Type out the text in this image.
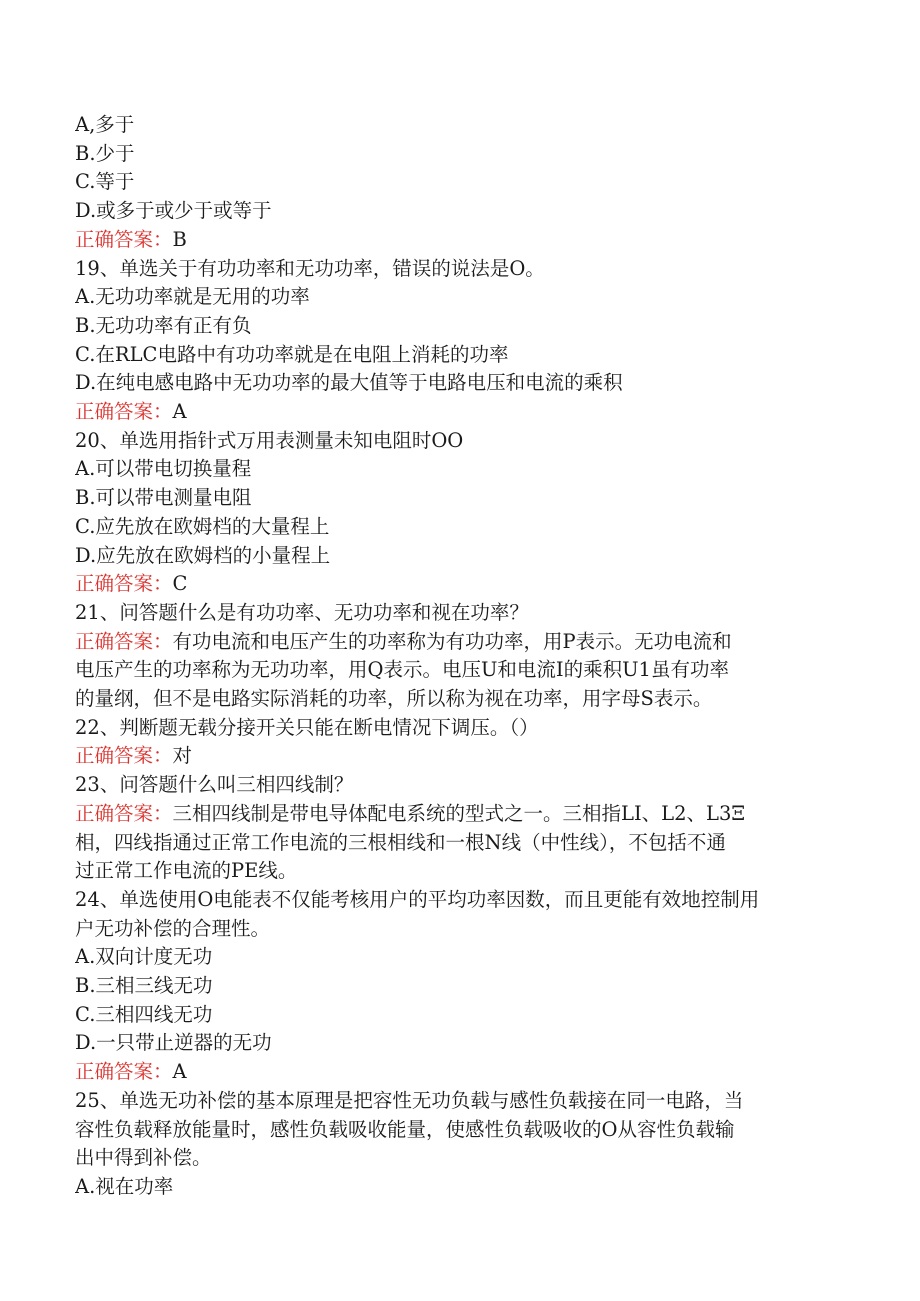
A,多于
B.少于
C.等于
D.或多于或少于或等于
正确答案：B
19、单选关于有功功率和无功功率，错误的说法是O。
A.无功功率就是无用的功率
B.无功功率有正有负
C.在RLC电路中有功功率就是在电阻上消耗的功率
D.在纯电感电路中无功功率的最大值等于电路电压和电流的乘积
正确答案：A
20、单选用指针式万用表测量未知电阻时OO
A.可以带电切换量程
B.可以带电测量电阻
C.应先放在欧姆档的大量程上
D.应先放在欧姆档的小量程上
正确答案：C
21、问答题什么是有功功率、无功功率和视在功率？
正确答案：有功电流和电压产生的功率称为有功功率，用P表示。无功电流和
电压产生的功率称为无功功率，用Q表示。电压U和电流I的乘积U1虽有功率
的量纲，但不是电路实际消耗的功率，所以称为视在功率，用字母S表示。
22、判断题无载分接开关只能在断电情况下调压。（）
正确答案：对
23、问答题什么叫三相四线制？
正确答案：三相四线制是带电导体配电系统的型式之一。三相指LI、L2、L3Ξ
相，四线指通过正常工作电流的三根相线和一根N线（中性线），不包括不通
过正常工作电流的PE线。
24、单选使用O电能表不仅能考核用户的平均功率因数，而且更能有效地控制用
户无功补偿的合理性。
A.双向计度无功
B.三相三线无功
C.三相四线无功
D.一只带止逆器的无功
正确答案：A
25、单选无功补偿的基本原理是把容性无功负载与感性负载接在同一电路，当
容性负载释放能量时，感性负载吸收能量，使感性负载吸收的O从容性负载输
出中得到补偿。
A.视在功率
